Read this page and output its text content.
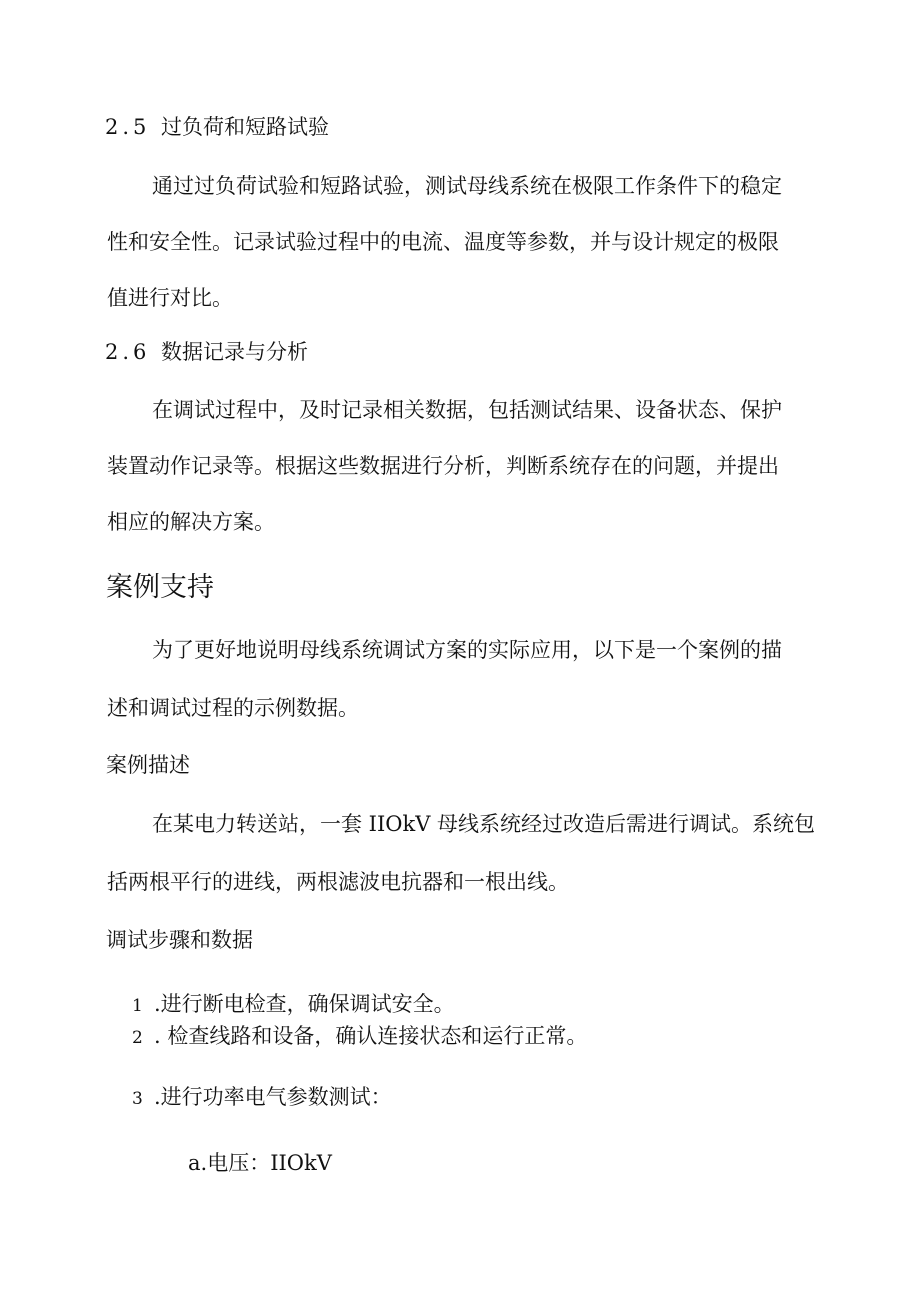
2.5 过负荷和短路试验

通过过负荷试验和短路试验，测试母线系统在极限工作条件下的稳定

性和安全性。记录试验过程中的电流、温度等参数，并与设计规定的极限

值进行对比。

2.6 数据记录与分析

在调试过程中，及时记录相关数据，包括测试结果、设备状态、保护

装置动作记录等。根据这些数据进行分析，判断系统存在的问题，并提出

相应的解决方案。

案例支持

为了更好地说明母线系统调试方案的实际应用，以下是一个案例的描

述和调试过程的示例数据。

案例描述

在某电力转送站，一套 IIOkV 母线系统经过改造后需进行调试。系统包

括两根平行的进线，两根滤波电抗器和一根出线。

调试步骤和数据

1 .进行断电检查，确保调试安全。

2 . 检查线路和设备，确认连接状态和运行正常。

3 .进行功率电气参数测试：

a.电压：IIOkV
